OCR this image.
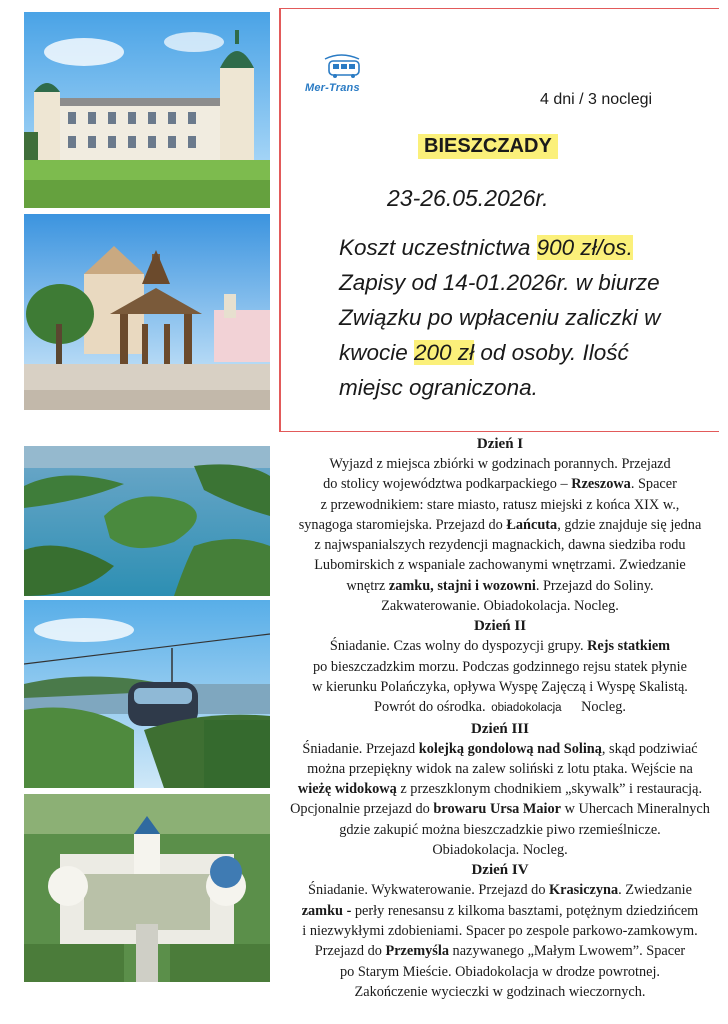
Mer-Trans
4 dni / 3 noclegi
BIESZCZADY
23-26.05.2026r.
Koszt uczestnictwa 900 zł/os.
Zapisy od 14-01.2026r. w biurze
Związku po wpłaceniu zaliczki w
kwocie 200 zł od osoby. Ilość
miejsc ograniczona.
Dzień I
Wyjazd z miejsca zbiórki w godzinach porannych. Przejazd
do stolicy województwa podkarpackiego – Rzeszowa. Spacer
z przewodnikiem: stare miasto, ratusz miejski z końca XIX w.,
synagoga staromiejska. Przejazd do Łańcuta, gdzie znajduje się jedna
z najwspanialszych rezydencji magnackich, dawna siedziba rodu
Lubomirskich z wspaniale zachowanymi wnętrzami. Zwiedzanie
wnętrz zamku, stajni i wozowni. Przejazd do Soliny.
Zakwaterowanie. Obiadokolacja. Nocleg.
Dzień II
Śniadanie. Czas wolny do dyspozycji grupy. Rejs statkiem
po bieszczadzkim morzu. Podczas godzinnego rejsu statek płynie
w kierunku Polańczyka, opływa Wyspę Zajęczą i Wyspę Skalistą.
Powrót do ośrodka. obiadokolacja Nocleg.
Dzień III
Śniadanie. Przejazd kolejką gondolową nad Soliną, skąd podziwiać
można przepiękny widok na zalew soliński z lotu ptaka. Wejście na
wieżę widokową z przeszklonym chodnikiem „skywalk” i restauracją.
Opcjonalnie przejazd do browaru Ursa Maior w Uhercach Mineralnych
gdzie zakupić można bieszczadzkie piwo rzemieślnicze.
Obiadokolacja. Nocleg.
Dzień IV
Śniadanie. Wykwaterowanie. Przejazd do Krasiczyna. Zwiedzanie
zamku - perły renesansu z kilkoma basztami, potężnym dziedzińcem
i niezwykłymi zdobieniami. Spacer po zespole parkowo-zamkowym.
Przejazd do Przemyśla nazywanego „Małym Lwowem”. Spacer
po Starym Mieście. Obiadokolacja w drodze powrotnej.
Zakończenie wycieczki w godzinach wieczornych.
